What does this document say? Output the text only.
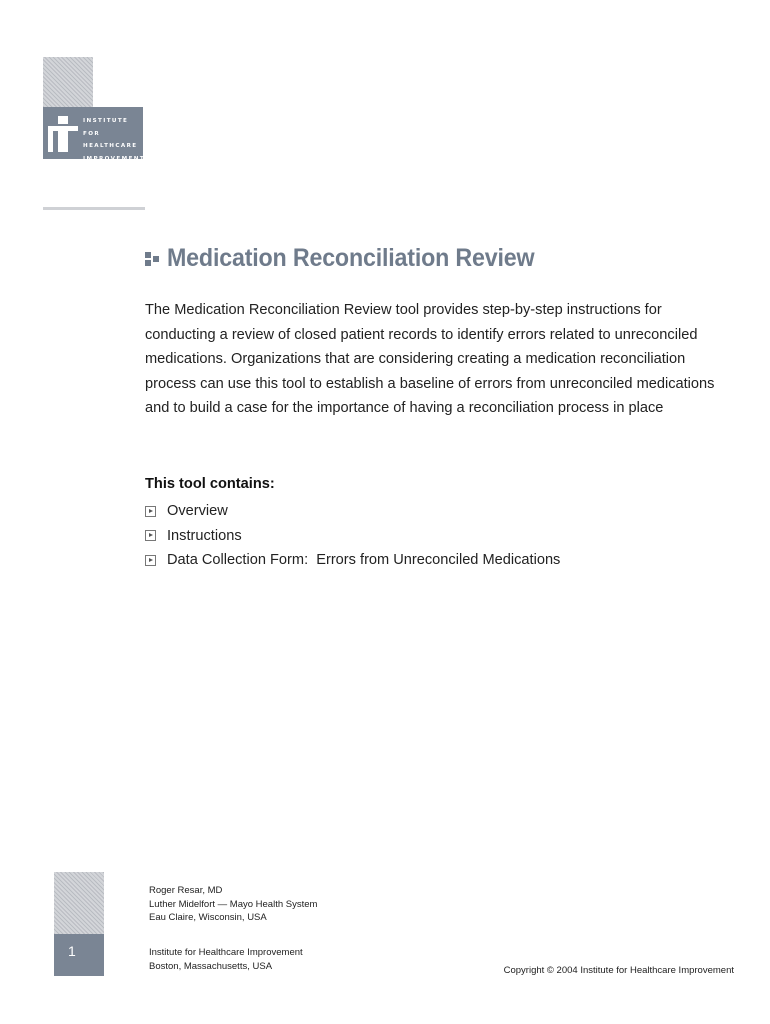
INSTITUTE FOR
HEALTHCARE
IMPROVEMENT
Medication Reconciliation Review

The Medication Reconciliation Review tool provides step-by-step instructions for conducting a review of closed patient records to identify errors related to unreconciled medications. Organizations that are considering creating a medication reconciliation process can use this tool to establish a baseline of errors from unreconciled medications and to build a case for the importance of having a reconciliation process in place

This tool contains:
Overview
Instructions
Data Collection Form:  Errors from Unreconciled Medications
1
Roger Resar, MD
Luther Midelfort — Mayo Health System
Eau Claire, Wisconsin, USA
Institute for Healthcare Improvement
Boston, Massachusetts, USA	Copyright © 2004 Institute for Healthcare Improvement
